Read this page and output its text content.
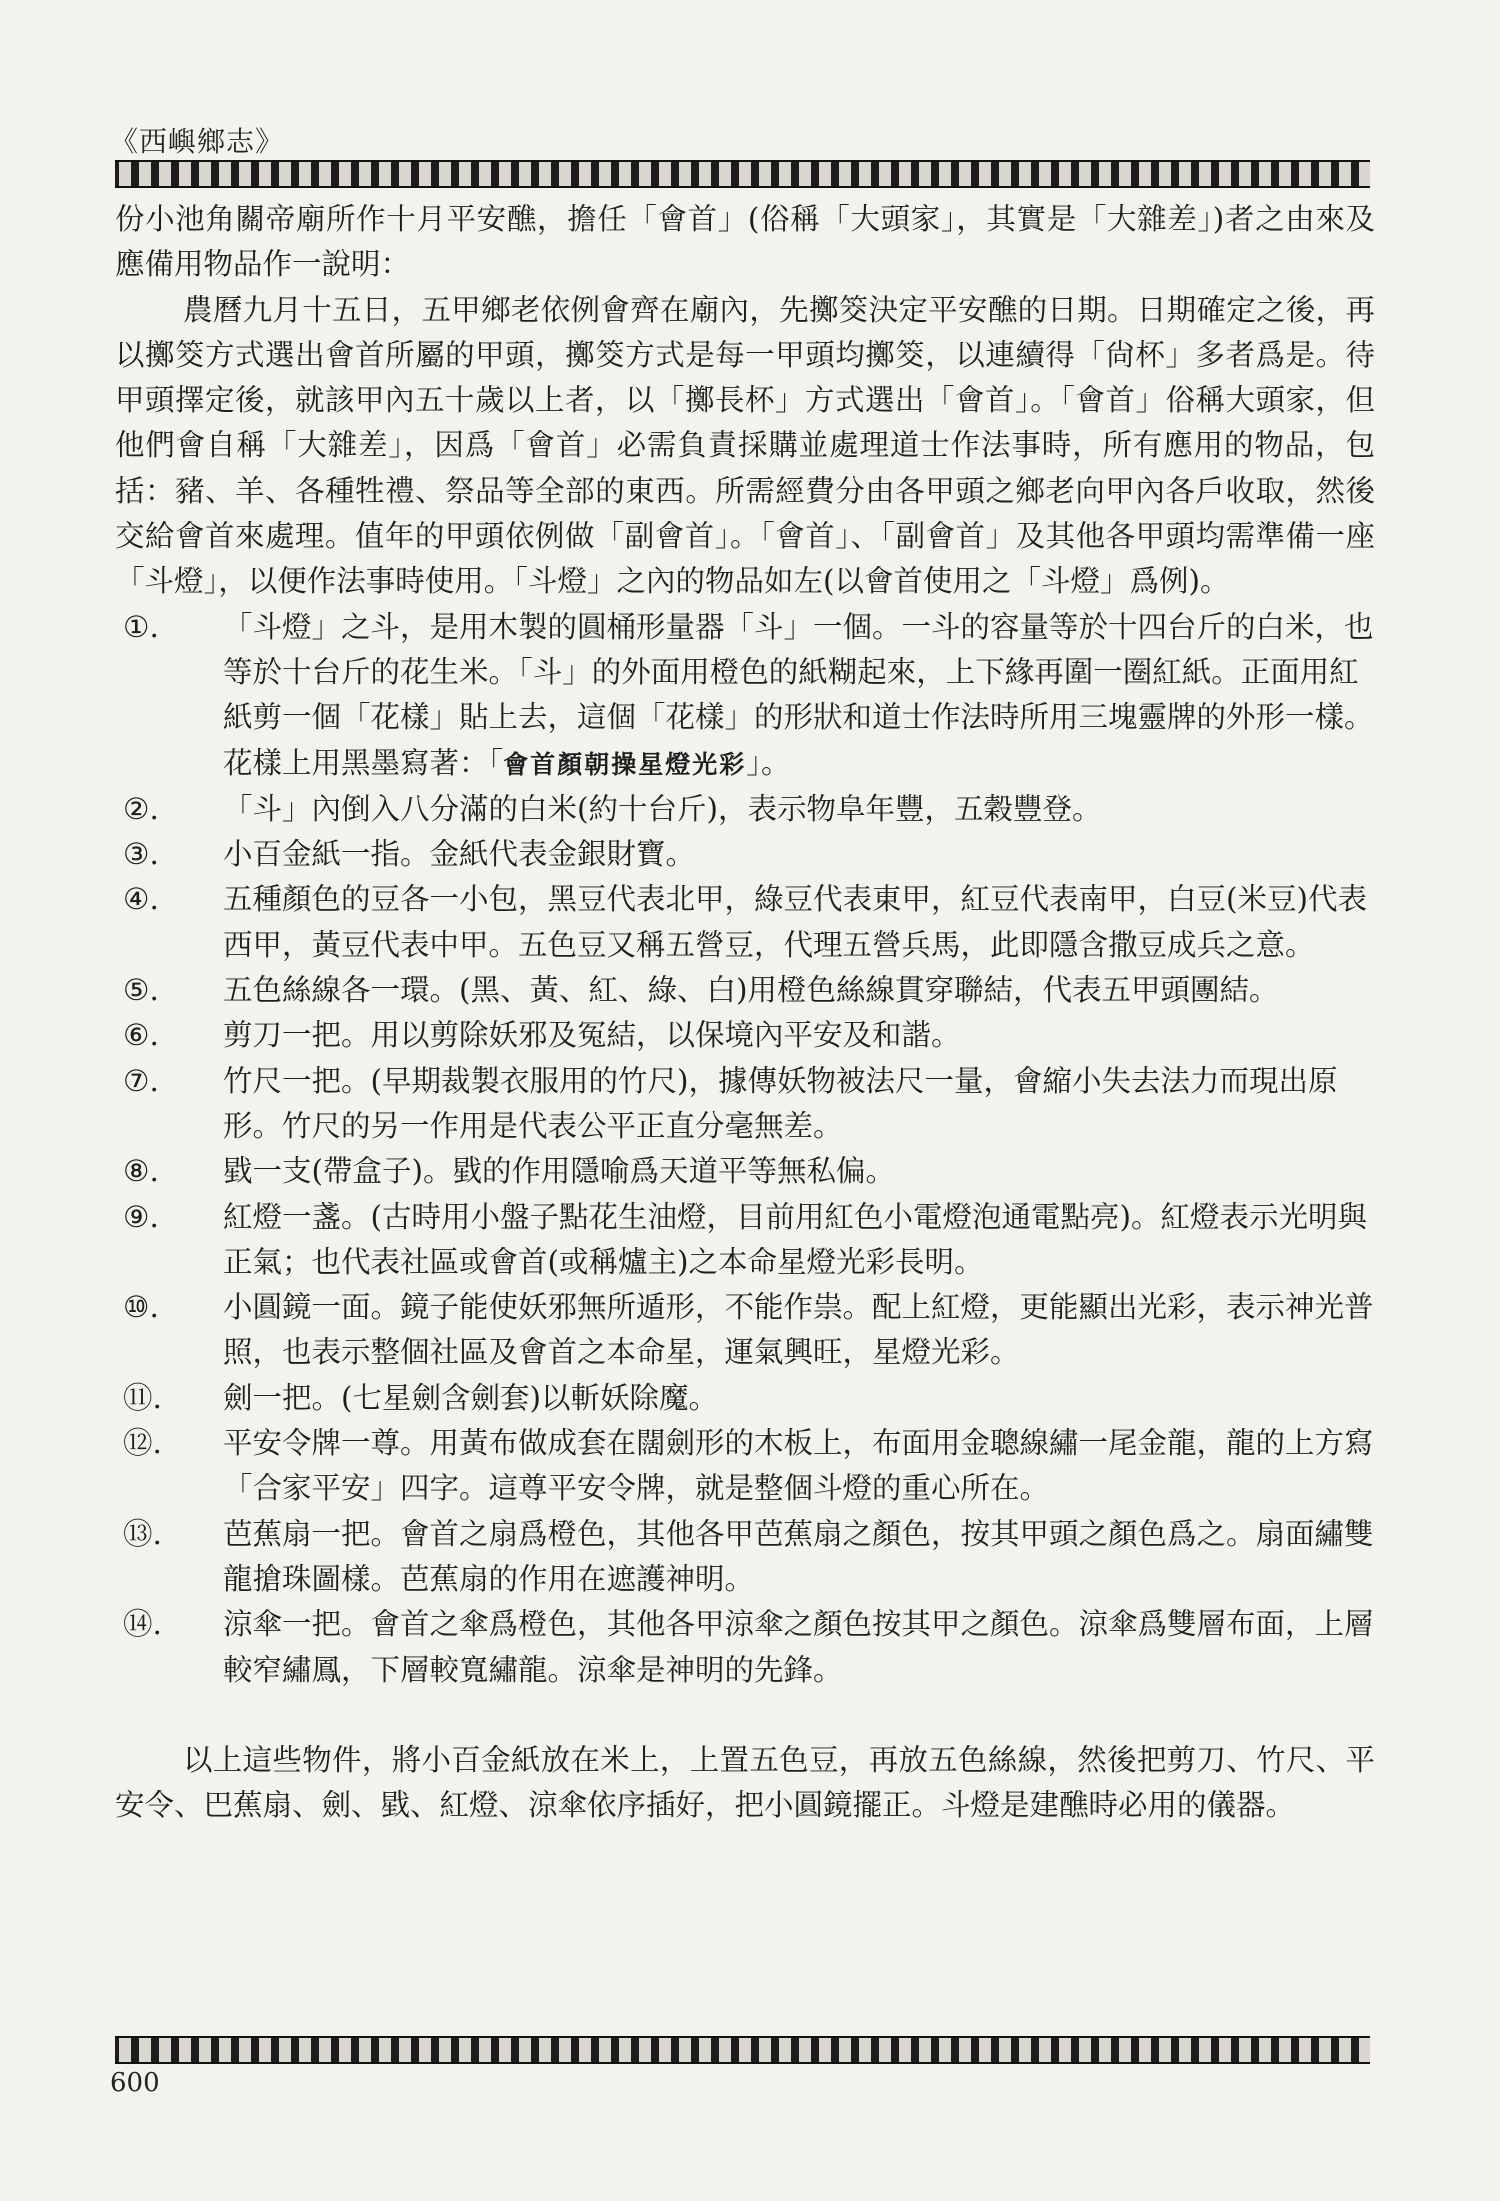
《西嶼鄉志》

份小池角關帝廟所作十月平安醮，擔任「會首」(俗稱「大頭家」，其實是「大雜差」)者之由來及應備用物品作一說明：

農曆九月十五日，五甲鄉老依例會齊在廟內，先擲筊決定平安醮的日期。日期確定之後，再以擲筊方式選出會首所屬的甲頭，擲筊方式是每一甲頭均擲筊，以連續得「尙杯」多者爲是。待甲頭擇定後，就該甲內五十歲以上者，以「擲長杯」方式選出「會首」。「會首」俗稱大頭家，但他們會自稱「大雜差」，因爲「會首」必需負責採購並處理道士作法事時，所有應用的物品，包括：豬、羊、各種牲禮、祭品等全部的東西。所需經費分由各甲頭之鄉老向甲內各戶收取，然後交給會首來處理。值年的甲頭依例做「副會首」。「會首」、「副會首」及其他各甲頭均需準備一座「斗燈」，以便作法事時使用。「斗燈」之內的物品如左(以會首使用之「斗燈」爲例)。

①. 「斗燈」之斗，是用木製的圓桶形量器「斗」一個。一斗的容量等於十四台斤的白米，也等於十台斤的花生米。「斗」的外面用橙色的紙糊起來，上下緣再圍一圈紅紙。正面用紅紙剪一個「花樣」貼上去，這個「花樣」的形狀和道士作法時所用三塊靈牌的外形一樣。花樣上用黑墨寫著：「會首顏朝操星燈光彩」。
②. 「斗」內倒入八分滿的白米(約十台斤)，表示物阜年豐，五穀豐登。
③. 小百金紙一指。金紙代表金銀財寶。
④. 五種顏色的豆各一小包，黑豆代表北甲，綠豆代表東甲，紅豆代表南甲，白豆(米豆)代表西甲，黃豆代表中甲。五色豆又稱五營豆，代理五營兵馬，此即隱含撒豆成兵之意。
⑤. 五色絲線各一環。(黑、黃、紅、綠、白)用橙色絲線貫穿聯結，代表五甲頭團結。
⑥. 剪刀一把。用以剪除妖邪及冤結，以保境內平安及和諧。
⑦. 竹尺一把。(早期裁製衣服用的竹尺)，據傳妖物被法尺一量，會縮小失去法力而現出原形。竹尺的另一作用是代表公平正直分毫無差。
⑧. 戥一支(帶盒子)。戥的作用隱喻爲天道平等無私偏。
⑨. 紅燈一盞。(古時用小盤子點花生油燈，目前用紅色小電燈泡通電點亮)。紅燈表示光明與正氣；也代表社區或會首(或稱爐主)之本命星燈光彩長明。
⑩. 小圓鏡一面。鏡子能使妖邪無所遁形，不能作祟。配上紅燈，更能顯出光彩，表示神光普照，也表示整個社區及會首之本命星，運氣興旺，星燈光彩。
⑪. 劍一把。(七星劍含劍套)以斬妖除魔。
⑫. 平安令牌一尊。用黃布做成套在闊劍形的木板上，布面用金聰線繡一尾金龍，龍的上方寫「合家平安」四字。這尊平安令牌，就是整個斗燈的重心所在。
⑬. 芭蕉扇一把。會首之扇爲橙色，其他各甲芭蕉扇之顏色，按其甲頭之顏色爲之。扇面繡雙龍搶珠圖樣。芭蕉扇的作用在遮護神明。
⑭. 涼傘一把。會首之傘爲橙色，其他各甲涼傘之顏色按其甲之顏色。涼傘爲雙層布面，上層較窄繡鳳，下層較寬繡龍。涼傘是神明的先鋒。

以上這些物件，將小百金紙放在米上，上置五色豆，再放五色絲線，然後把剪刀、竹尺、平安令、巴蕉扇、劍、戥、紅燈、涼傘依序插好，把小圓鏡擺正。斗燈是建醮時必用的儀器。

600
